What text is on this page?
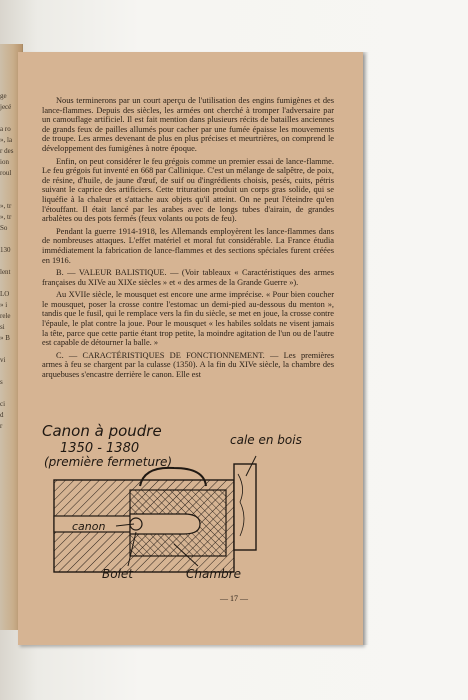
ge
jecé
a ro
», la
r des
ion
roul
», tr
», tr
So
130
lent
LO
» i
rele
si
» B
vi
s
ci
d
r

Nous terminerons par un court aperçu de l'utilisation des engins fumigènes et des lance-flammes. Depuis des siècles, les armées ont cherché à tromper l'adversaire par un camouflage artificiel. Il est fait mention dans plusieurs récits de batailles anciennes de grands feux de pailles allumés pour cacher par une fumée épaisse les mouvements de troupe. Les armes devenant de plus en plus précises et meurtrières, on comprend le développement des fumigènes à notre époque.

Enfin, on peut considérer le feu grégois comme un premier essai de lance-flamme. Le feu grégois fut inventé en 668 par Callinique. C'est un mélange de salpêtre, de poix, de résine, d'huile, de jaune d'œuf, de suif ou d'ingrédients choisis, pesés, cuits, pétris suivant le caprice des artificiers. Cette trituration produit un corps gras solide, qui se liquéfie à la chaleur et s'attache aux objets qu'il atteint. On ne peut l'éteindre qu'en l'étouffant. Il était lancé par les arabes avec de longs tubes d'airain, de grandes arbalètes ou des pots fermés (feux volants ou pots de feu).

Pendant la guerre 1914-1918, les Allemands employèrent les lance-flammes dans de nombreuses attaques. L'effet matériel et moral fut considérable. La France étudia immédiatement la fabrication de lance-flammes et des sections spéciales furent créées en 1916.

B. — VALEUR BALISTIQUE. — (Voir tableaux « Caractéristiques des armes françaises du XIVe au XIXe siècles » et « des armes de la Grande Guerre »).

Au XVIIe siècle, le mousquet est encore une arme imprécise. « Pour bien coucher le mousquet, poser la crosse contre l'estomac un demi-pied au-dessous du menton », tandis que le fusil, qui le remplace vers la fin du siècle, se met en joue, la crosse contre l'épaule, le plat contre la joue. Pour le mousquet « les habiles soldats ne visent jamais la tête, parce que cette partie étant trop petite, la moindre agitation de l'un ou de l'autre est capable de détourner la balle. »

C. — CARACTÉRISTIQUES DE FONCTIONNEMENT. — Les premières armes à feu se chargent par la culasse (1350). A la fin du XIVe siècle, la chambre des arquebuses s'encastre derrière le canon. Elle est

Canon à poudre
1350 - 1380
(première fermeture)
cale en bois
canon
Bolet	Chambre
— 17 —
